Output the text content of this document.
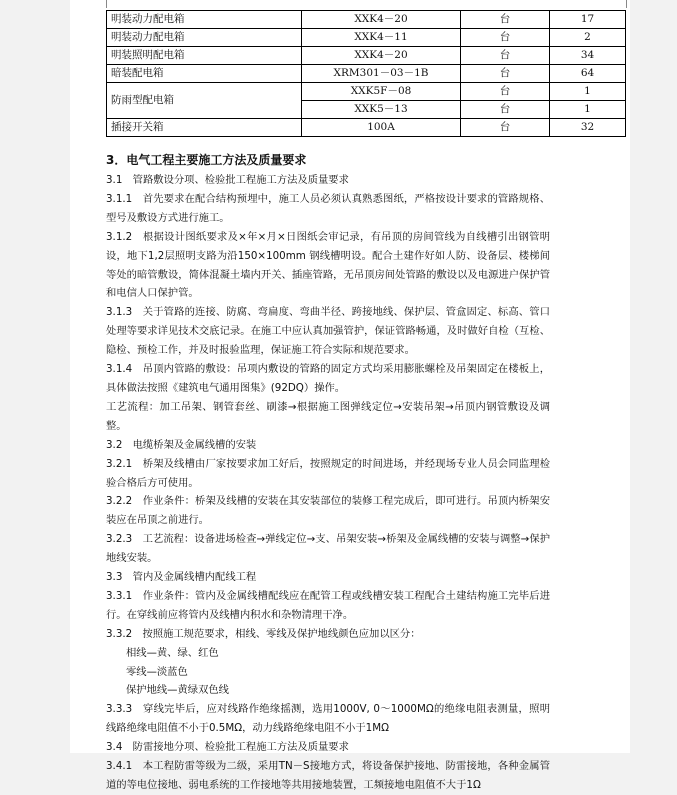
明装动力配电箱	XXK4－20	台	17
明装动力配电箱	XXK4－11	台	2
明装照明配电箱	XXK4－20	台	34
暗装配电箱	XRM301－03－1B	台	64
防雨型配电箱	XXK5F－08	台	1
	XXK5－13	台	1
插接开关箱	100A	台	32
3．电气工程主要施工方法及质量要求

3.1　管路敷设分项、检验批工程施工方法及质量要求

3.1.1　首先要求在配合结构预埋中，施工人员必须认真熟悉图纸，严格按设计要求的管路规格、型号及敷设方式进行施工。

3.1.2　根据设计图纸要求及×年×月×日图纸会审记录，有吊顶的房间管线为自线槽引出钢管明设，地下1,2层照明支路为沿150×100mm 钢线槽明设。配合土建作好如人防、设备层、楼梯间等处的暗管敷设，简体混凝土墙内开关、插座管路，无吊顶房间处管路的敷设以及电源进户保护管和电信人口保护管。

3.1.3　关于管路的连接、防腐、弯扁度、弯曲半径、跨接地线、保护层、管盒固定、标高、管口处理等要求详见技术交底记录。在施工中应认真加强管护，保证管路畅通，及时做好自检（互检、隐检、预检工作，并及时报验监理，保证施工符合实际和规范要求。

3.1.4　吊顶内管路的敷设：吊项内敷设的管路的固定方式均采用膨胀螺栓及吊架固定在楼板上，具体做法按照《建筑电气通用图集》(92DQ）操作。

工艺流程：加工吊架、钢管套丝、刷漆→根据施工图弹线定位→安装吊架→吊顶内钢管敷设及调整。

3.2　电缆桥架及金属线槽的安装

3.2.1　桥架及线槽由厂家按要求加工好后，按照规定的时间进场，并经现场专业人员会同监理检验合格后方可使用。

3.2.2　作业条件：桥架及线槽的安装在其安装部位的装修工程完成后，即可进行。吊顶内桥架安装应在吊顶之前进行。

3.2.3　工艺流程：设备进场检查→弹线定位→支、吊架安装→桥架及金属线槽的安装与调整→保护地线安装。

3.3　管内及金属线槽内配线工程

3.3.1　作业条件：管内及金属线槽配线应在配管工程或线槽安装工程配合土建结构施工完毕后进行。在穿线前应将管内及线槽内积水和杂物清理干净。

3.3.2　按照施工规范要求，相线、零线及保护地线颜色应加以区分：

相线—黄、绿、红色

零线—淡蓝色

保护地线—黄绿双色线

3.3.3　穿线完毕后，应对线路作绝缘摇测，选用1000V, 0～1000MΩ的绝缘电阻表测量，照明线路绝缘电阻值不小于0.5MΩ，动力线路绝缘电阻不小于1MΩ

3.4　防雷接地分项、检验批工程施工方法及质量要求

3.4.1　本工程防雷等级为二级，采用TN－S接地方式，将设备保护接地、防雷接地，各种金属管道的等电位接地、弱电系统的工作接地等共用接地装置，工频接地电阻值不大于1Ω
